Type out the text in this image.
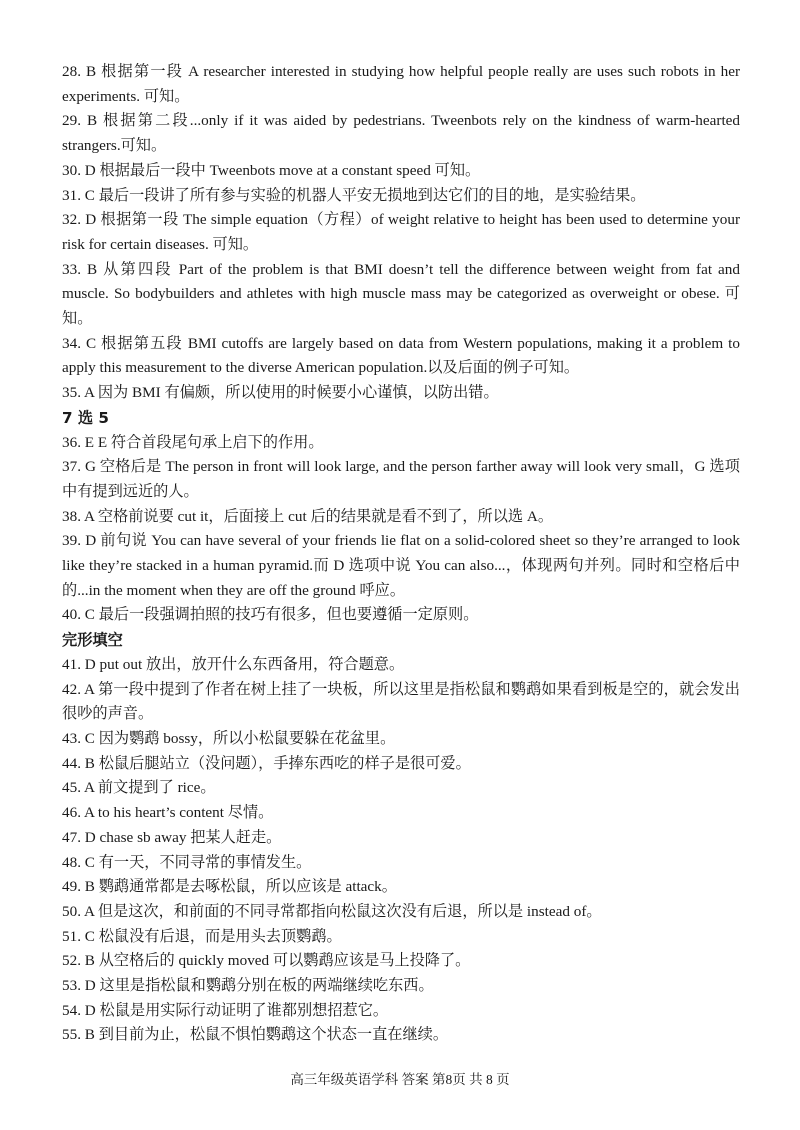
28. B 根据第一段 A researcher interested in studying how helpful people really are uses such robots in her experiments. 可知。

29. B 根据第二段...only if it was aided by pedestrians. Tweenbots rely on the kindness of warm-hearted strangers.可知。

30. D 根据最后一段中 Tweenbots move at a constant speed 可知。

31. C 最后一段讲了所有参与实验的机器人平安无损地到达它们的目的地，是实验结果。

32. D 根据第一段 The simple equation（方程）of weight relative to height has been used to determine your risk for certain diseases. 可知。

33. B 从第四段 Part of the problem is that BMI doesn’t tell the difference between weight from fat and muscle. So bodybuilders and athletes with high muscle mass may be categorized as overweight or obese. 可知。

34. C 根据第五段 BMI cutoffs are largely based on data from Western populations, making it a problem to apply this measurement to the diverse American population.以及后面的例子可知。

35. A 因为 BMI 有偏颇，所以使用的时候要小心谨慎，以防出错。

7 选 5

36. E E 符合首段尾句承上启下的作用。

37. G 空格后是 The person in front will look large, and the person farther away will look very small，G 选项中有提到远近的人。

38. A 空格前说要 cut it，后面接上 cut 后的结果就是看不到了，所以选 A。

39. D 前句说 You can have several of your friends lie flat on a solid-colored sheet so they’re arranged to look like they’re stacked in a human pyramid.而 D 选项中说 You can also...，体现两句并列。同时和空格后中的...in the moment when they are off the ground 呼应。

40. C 最后一段强调拍照的技巧有很多，但也要遵循一定原则。

完形填空

41. D put out 放出，放开什么东西备用，符合题意。

42. A 第一段中提到了作者在树上挂了一块板，所以这里是指松鼠和鹦鹉如果看到板是空的，就会发出很吵的声音。

43. C 因为鹦鹉 bossy，所以小松鼠要躲在花盆里。

44. B 松鼠后腿站立（没问题），手捧东西吃的样子是很可爱。

45. A 前文提到了 rice。

46. A to his heart’s content 尽情。

47. D chase sb away 把某人赶走。

48. C 有一天，不同寻常的事情发生。

49. B 鹦鹉通常都是去啄松鼠，所以应该是 attack。

50. A 但是这次，和前面的不同寻常都指向松鼠这次没有后退，所以是 instead of。

51. C 松鼠没有后退，而是用头去顶鹦鹉。

52. B 从空格后的 quickly moved 可以鹦鹉应该是马上投降了。

53. D 这里是指松鼠和鹦鹉分别在板的两端继续吃东西。

54. D 松鼠是用实际行动证明了谁都别想招惹它。

55. B 到目前为止，松鼠不惧怕鹦鹉这个状态一直在继续。

高三年级英语学科 答案 第8页 共 8 页
